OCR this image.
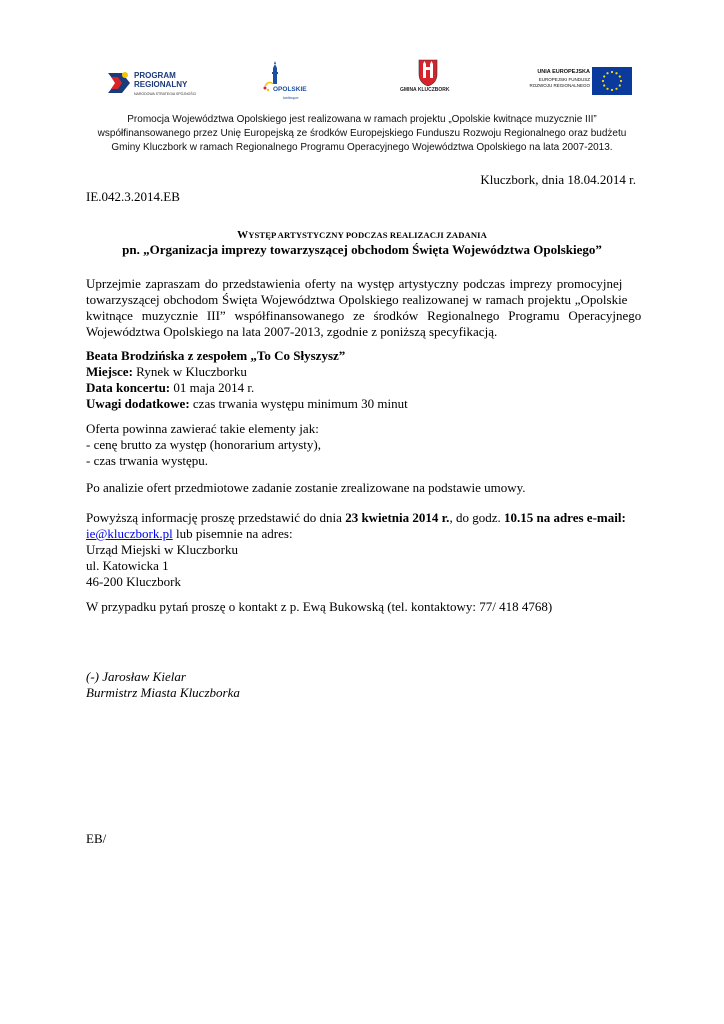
PROGRAM
REGIONALNY
NARODOWA STRATEGIA SPÓJNOŚCI
OPOLSKIE
kwitnące
GMINA KLUCZBORK
UNIA EUROPEJSKA
EUROPEJSKI FUNDUSZ
ROZWOJU REGIONALNEGO
Promocja Województwa Opolskiego jest realizowana w ramach projektu „Opolskie kwitnące muzycznie III”
współfinansowanego przez Unię Europejską ze środków Europejskiego Funduszu Rozwoju Regionalnego oraz budżetu
Gminy Kluczbork w ramach Regionalnego Programu Operacyjnego Województwa Opolskiego na lata 2007-2013.
Kluczbork, dnia 18.04.2014 r.
IE.042.3.2014.EB
WYSTĘP ARTYSTYCZNY PODCZAS REALIZACJI ZADANIA
pn. „Organizacja imprezy towarzyszącej obchodom Święta Województwa Opolskiego”
Uprzejmie zapraszam do przedstawienia oferty na występ artystyczny podczas imprezy promocyjnej
towarzyszącej obchodom Święta Województwa Opolskiego realizowanej w ramach projektu „Opolskie
kwitnące muzycznie III” współfinansowanego ze środków Regionalnego Programu Operacyjnego
Województwa Opolskiego na lata 2007-2013, zgodnie z poniższą specyfikacją.
Beata Brodzińska z zespołem „To Co Słyszysz”
Miejsce: Rynek w Kluczborku
Data koncertu: 01 maja 2014 r.
Uwagi dodatkowe: czas trwania występu minimum 30 minut
Oferta powinna zawierać takie elementy jak:
- cenę brutto za występ (honorarium artysty),
- czas trwania występu.
Po analizie ofert przedmiotowe zadanie zostanie zrealizowane na podstawie umowy.
Powyższą informację proszę przedstawić do dnia 23 kwietnia 2014 r., do godz. 10.15 na adres e-mail:
ie@kluczbork.pl lub pisemnie na adres:
Urząd Miejski w Kluczborku
ul. Katowicka 1
46-200 Kluczbork
W przypadku pytań proszę o kontakt z p. Ewą Bukowską (tel. kontaktowy: 77/ 418 4768)
(-) Jarosław Kielar
Burmistrz Miasta Kluczborka
EB/
